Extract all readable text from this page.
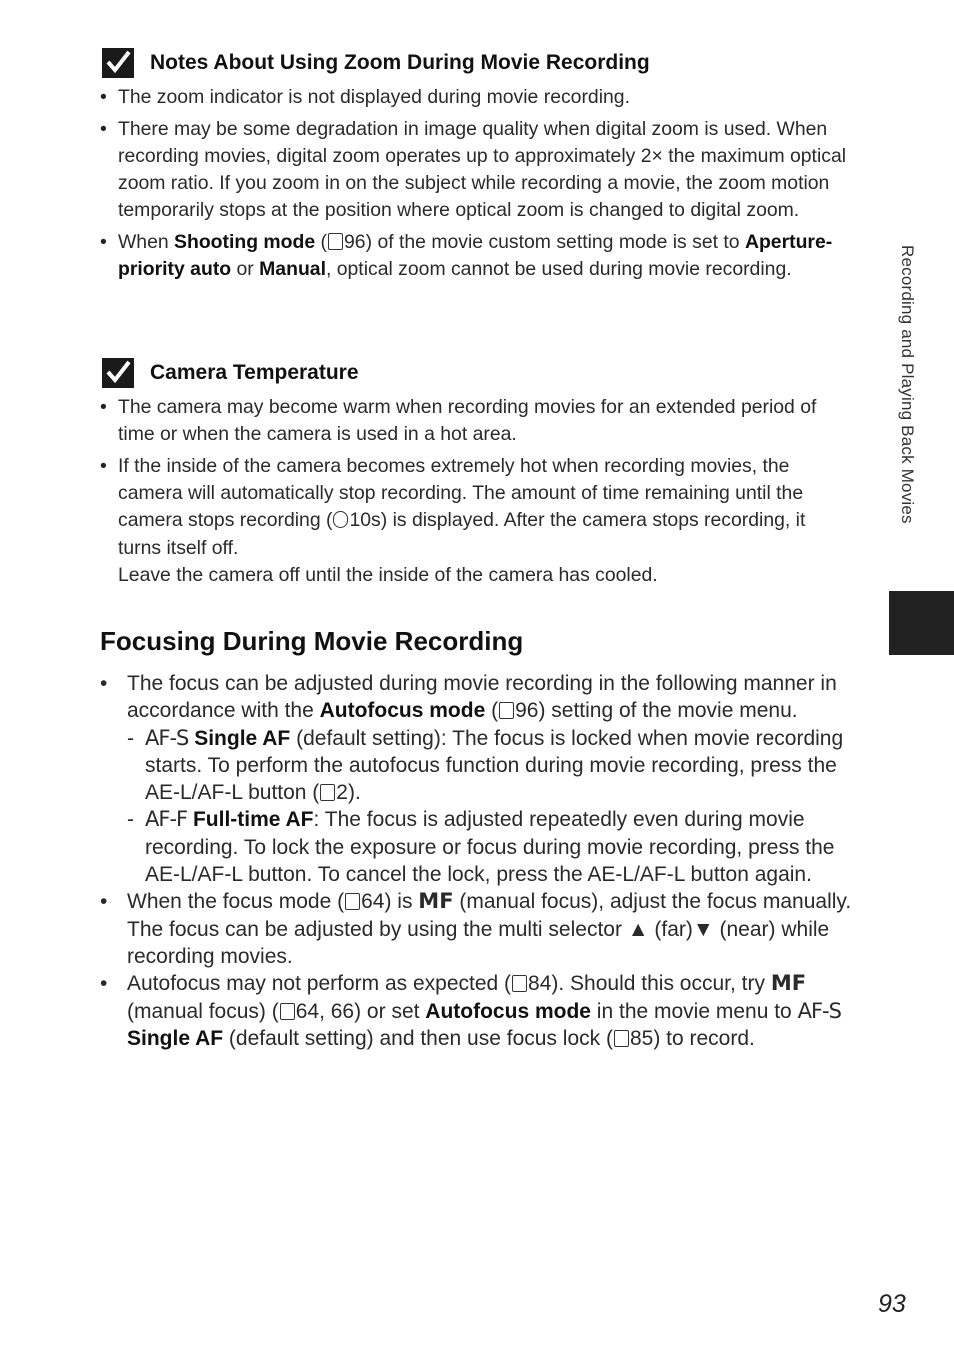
Notes About Using Zoom During Movie Recording
• The zoom indicator is not displayed during movie recording.
• There may be some degradation in image quality when digital zoom is used. When recording movies, digital zoom operates up to approximately 2× the maximum optical zoom ratio. If you zoom in on the subject while recording a movie, the zoom motion temporarily stops at the position where optical zoom is changed to digital zoom.
• When Shooting mode ( 96) of the movie custom setting mode is set to Aperture-priority auto or Manual, optical zoom cannot be used during movie recording.
Camera Temperature
• The camera may become warm when recording movies for an extended period of time or when the camera is used in a hot area.
• If the inside of the camera becomes extremely hot when recording movies, the camera will automatically stop recording. The amount of time remaining until the camera stops recording ( 10s) is displayed. After the camera stops recording, it turns itself off.
Leave the camera off until the inside of the camera has cooled.
Focusing During Movie Recording
• The focus can be adjusted during movie recording in the following manner in accordance with the Autofocus mode ( 96) setting of the movie menu.
- AF-S Single AF (default setting): The focus is locked when movie recording starts. To perform the autofocus function during movie recording, press the AE-L/AF-L button ( 2).
- AF-F Full-time AF: The focus is adjusted repeatedly even during movie recording. To lock the exposure or focus during movie recording, press the AE-L/AF-L button. To cancel the lock, press the AE-L/AF-L button again.
• When the focus mode ( 64) is MF (manual focus), adjust the focus manually. The focus can be adjusted by using the multi selector ▲ (far)▼ (near) while recording movies.
• Autofocus may not perform as expected ( 84). Should this occur, try MF (manual focus) ( 64, 66) or set Autofocus mode in the movie menu to AF-S Single AF (default setting) and then use focus lock ( 85) to record.
Recording and Playing Back Movies
93
